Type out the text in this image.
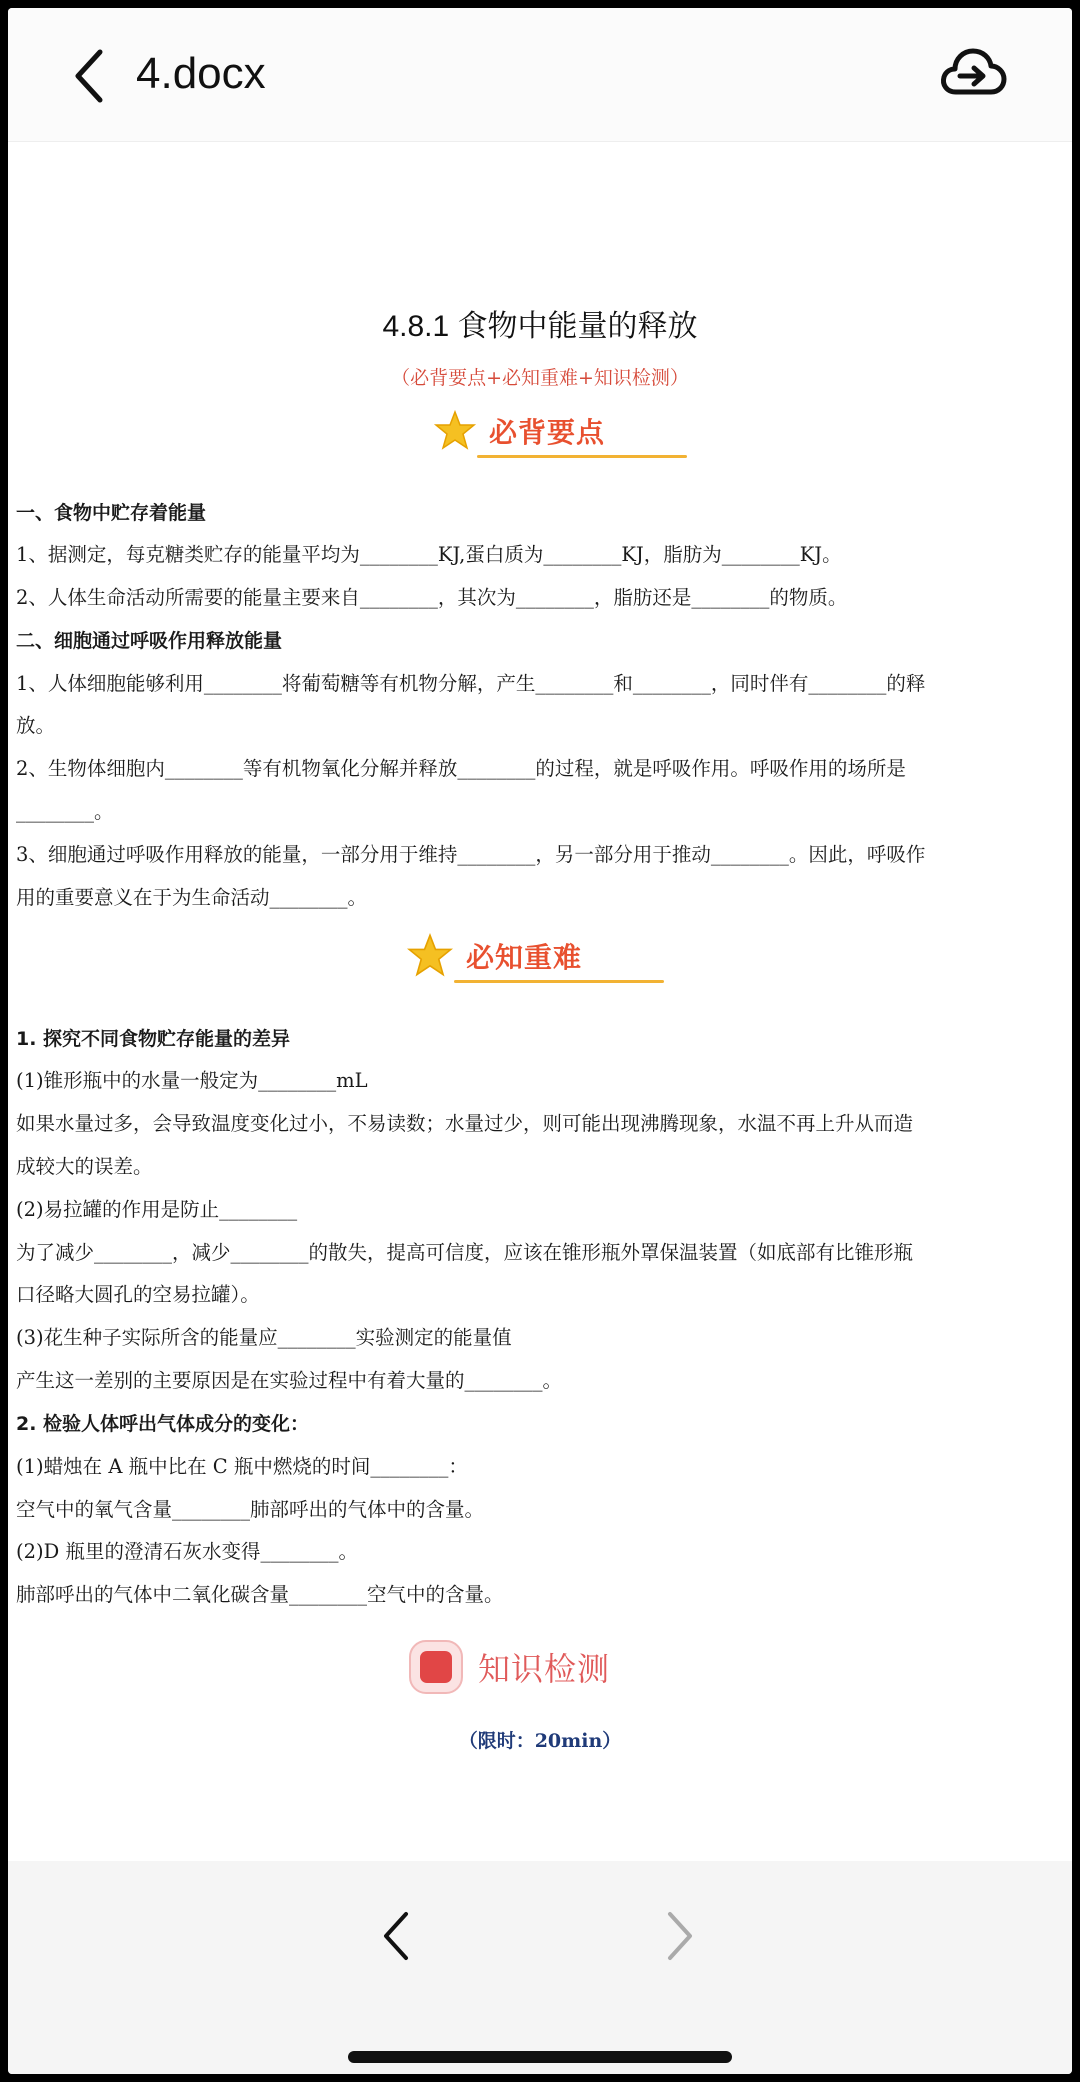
4.docx
4.8.1 食物中能量的释放
（必背要点+必知重难+知识检测）
必背要点
一、食物中贮存着能量
1、据测定，每克糖类贮存的能量平均为________KJ,蛋白质为________KJ，脂肪为________KJ。
2、人体生命活动所需要的能量主要来自________，其次为________，脂肪还是________的物质。
二、细胞通过呼吸作用释放能量
1、人体细胞能够利用________将葡萄糖等有机物分解，产生________和________，同时伴有________的释
放。
2、生物体细胞内________等有机物氧化分解并释放________的过程，就是呼吸作用。呼吸作用的场所是
________。
3、细胞通过呼吸作用释放的能量，一部分用于维持________，另一部分用于推动________。因此，呼吸作
用的重要意义在于为生命活动________。
必知重难
1. 探究不同食物贮存能量的差异
(1)锥形瓶中的水量一般定为________mL
如果水量过多，会导致温度变化过小，不易读数；水量过少，则可能出现沸腾现象，水温不再上升从而造
成较大的误差。
(2)易拉罐的作用是防止________
为了减少________，减少________的散失，提高可信度，应该在锥形瓶外罩保温装置（如底部有比锥形瓶
口径略大圆孔的空易拉罐）。
(3)花生种子实际所含的能量应________实验测定的能量值
产生这一差别的主要原因是在实验过程中有着大量的________。
2. 检验人体呼出气体成分的变化：
(1)蜡烛在 A 瓶中比在 C 瓶中燃烧的时间________：
空气中的氧气含量________肺部呼出的气体中的含量。
(2)D 瓶里的澄清石灰水变得________。
肺部呼出的气体中二氧化碳含量________空气中的含量。
知识检测
（限时：20min）
